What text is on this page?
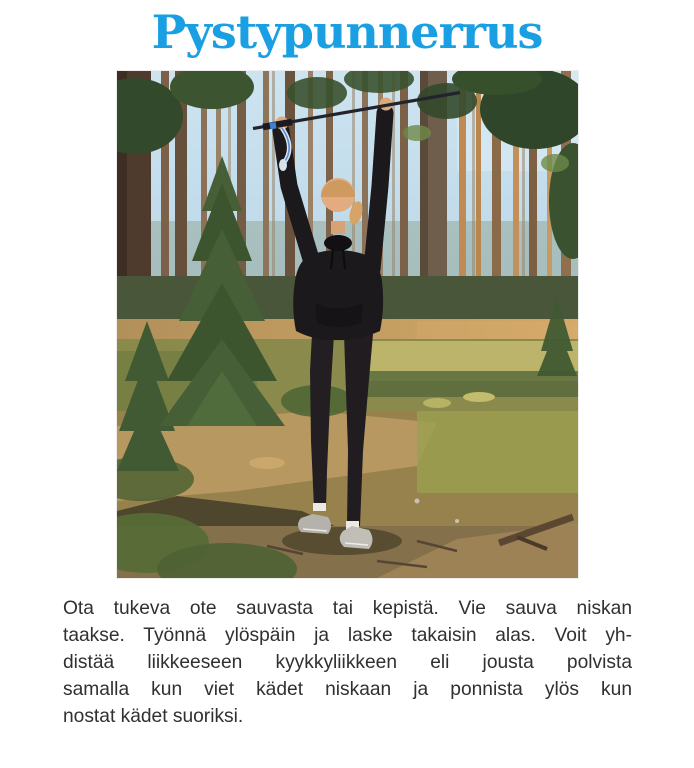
Pystypunnerrus
Ota tukeva ote sauvasta tai kepistä. Vie sauva niskan
taakse. Työnnä ylöspäin ja laske takaisin alas. Voit yh-
distää liikkeeseen kyykkyliikkeen eli jousta polvista
samalla kun viet kädet niskaan ja ponnista ylös kun
nostat kädet suoriksi.
